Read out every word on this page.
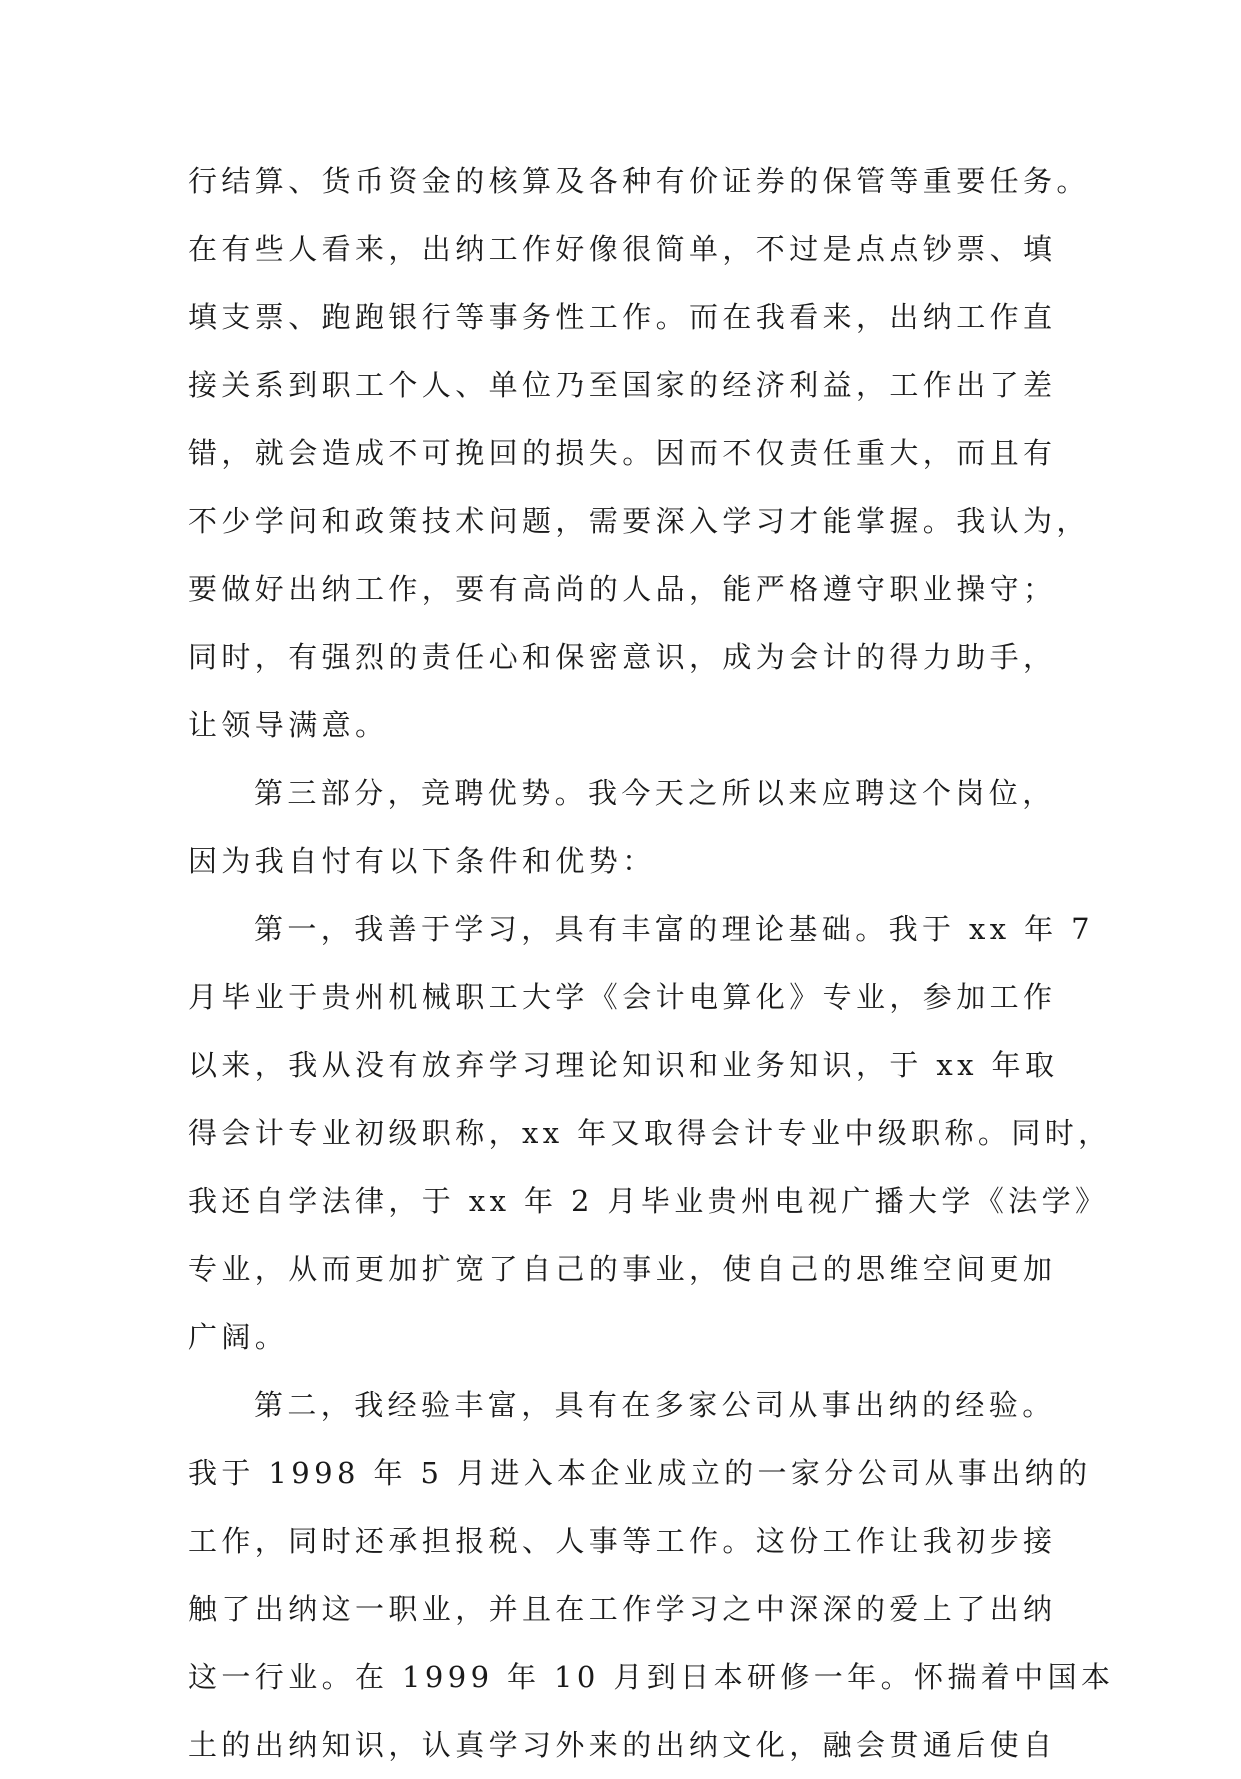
行结算、货币资金的核算及各种有价证券的保管等重要任务。
在有些人看来，出纳工作好像很简单，不过是点点钞票、填
填支票、跑跑银行等事务性工作。而在我看来，出纳工作直
接关系到职工个人、单位乃至国家的经济利益，工作出了差
错，就会造成不可挽回的损失。因而不仅责任重大，而且有
不少学问和政策技术问题，需要深入学习才能掌握。我认为，
要做好出纳工作，要有高尚的人品，能严格遵守职业操守；
同时，有强烈的责任心和保密意识，成为会计的得力助手，
让领导满意。
第三部分，竞聘优势。我今天之所以来应聘这个岗位，
因为我自忖有以下条件和优势：
第一，我善于学习，具有丰富的理论基础。我于 xx 年 7
月毕业于贵州机械职工大学《会计电算化》专业，参加工作
以来，我从没有放弃学习理论知识和业务知识，于 xx 年取
得会计专业初级职称，xx 年又取得会计专业中级职称。同时，
我还自学法律，于 xx 年 2 月毕业贵州电视广播大学《法学》
专业，从而更加扩宽了自己的事业，使自己的思维空间更加
广阔。
第二，我经验丰富，具有在多家公司从事出纳的经验。
我于 1998 年 5 月进入本企业成立的一家分公司从事出纳的
工作，同时还承担报税、人事等工作。这份工作让我初步接
触了出纳这一职业，并且在工作学习之中深深的爱上了出纳
这一行业。在 1999 年 10 月到日本研修一年。怀揣着中国本
土的出纳知识，认真学习外来的出纳文化，融会贯通后使自
